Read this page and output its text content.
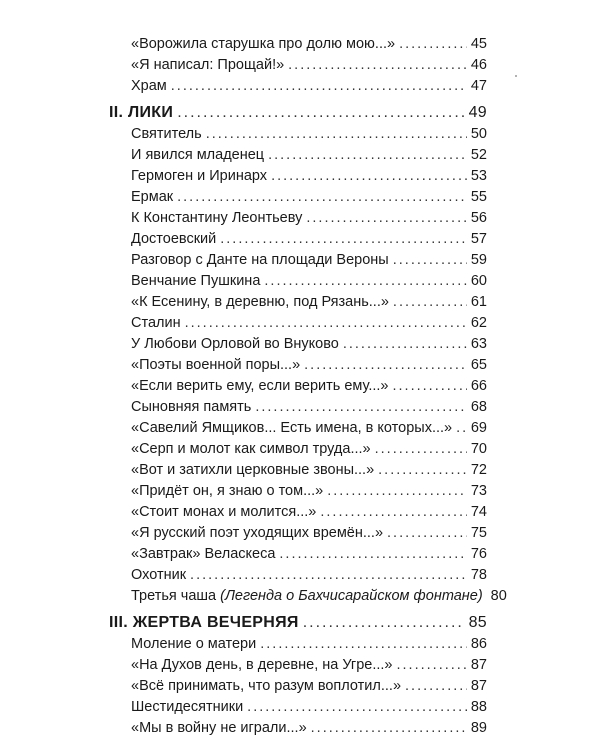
«Ворожила старушка про долю мою...» .....	45
«Я написал: Прощай!» .....	46
Храм .....	47
II. ЛИКИ .....	49
Святитель .....	50
И явился младенец .....	52
Гермоген и Иринарх .....	53
Ермак .....	55
К Константину Леонтьеву .....	56
Достоевский .....	57
Разговор с Данте на площади Вероны .....	59
Венчание Пушкина .....	60
«К Есенину, в деревню, под Рязань...» .....	61
Сталин .....	62
У Любови Орловой во Внуково .....	63
«Поэты военной поры...» .....	65
«Если верить ему, если верить ему...» .....	66
Сыновняя память .....	68
«Савелий Ямщиков... Есть имена, в которых...» ..... 69
«Серп и молот как символ труда...» .....	70
«Вот и затихли церковные звоны...» .....	72
«Придёт он, я знаю о том...» .....	73
«Стоит монах и молится...» .....	74
«Я русский поэт уходящих времён...» .....	75
«Завтрак» Веласкеса .....	76
Охотник .....	78
Третья чаша (Легенда о Бахчисарайском фонтане) 80
III. ЖЕРТВА ВЕЧЕРНЯЯ .....	85
Моление о матери .....	86
«На Духов день, в деревне, на Угре...» .....	87
«Всё принимать, что разум воплотил...» .....	87
Шестидесятники .....	88
«Мы в войну не играли...» .....	89
